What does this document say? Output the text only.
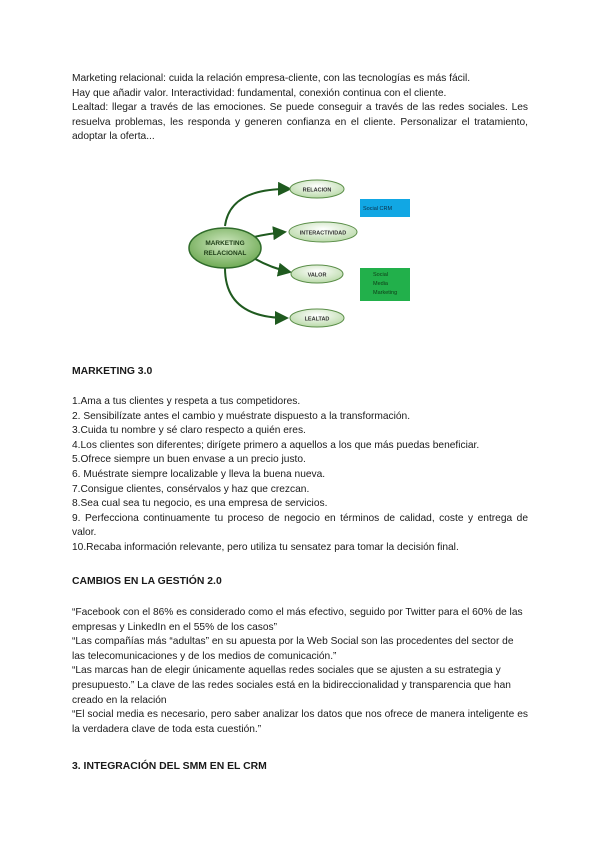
Marketing relacional: cuida la relación empresa-cliente, con las tecnologías es más fácil.

Hay que añadir valor. Interactividad: fundamental, conexión continua con el cliente.

Lealtad: llegar a través de las emociones. Se puede conseguir a través de las redes sociales. Les resuelva problemas, les responda y generen confianza en el cliente. Personalizar el tratamiento, adoptar la oferta...

MARKETING
RELACIONAL
RELACION
INTERACTIVIDAD
VALOR
LEALTAD
Social CRM
Social
Media
Marketing
MARKETING 3.0

1.Ama a tus clientes y respeta a tus competidores.

2. Sensibilízate antes el cambio y muéstrate dispuesto a la transformación.

3.Cuida tu nombre y sé claro respecto a quién eres.

4.Los clientes son diferentes; dirígete primero a aquellos a los que más puedas beneficiar.

5.Ofrece siempre un buen envase a un precio justo.

6. Muéstrate siempre localizable y lleva la buena nueva.

7.Consigue clientes, consérvalos y haz que crezcan.

8.Sea cual sea tu negocio, es una empresa de servicios.

9. Perfecciona continuamente tu proceso de negocio en términos de calidad, coste y entrega de valor.

10.Recaba información relevante, pero utiliza tu sensatez para tomar la decisión final.

CAMBIOS EN LA GESTIÓN 2.0

“Facebook con el 86% es considerado como el más efectivo, seguido por Twitter para el 60% de las empresas y LinkedIn en el 55% de los casos”

“Las compañías más “adultas” en su apuesta por la Web Social son las procedentes del sector de las telecomunicaciones y de los medios de comunicación.”

“Las marcas han de elegir únicamente aquellas redes sociales que se ajusten a su estrategia y presupuesto.” La clave de las redes sociales está en la bidireccionalidad y transparencia que han creado en la relación

“El social media es necesario, pero saber analizar los datos que nos ofrece de manera inteligente es la verdadera clave de toda esta cuestión.”

3. INTEGRACIÓN DEL SMM EN EL CRM
